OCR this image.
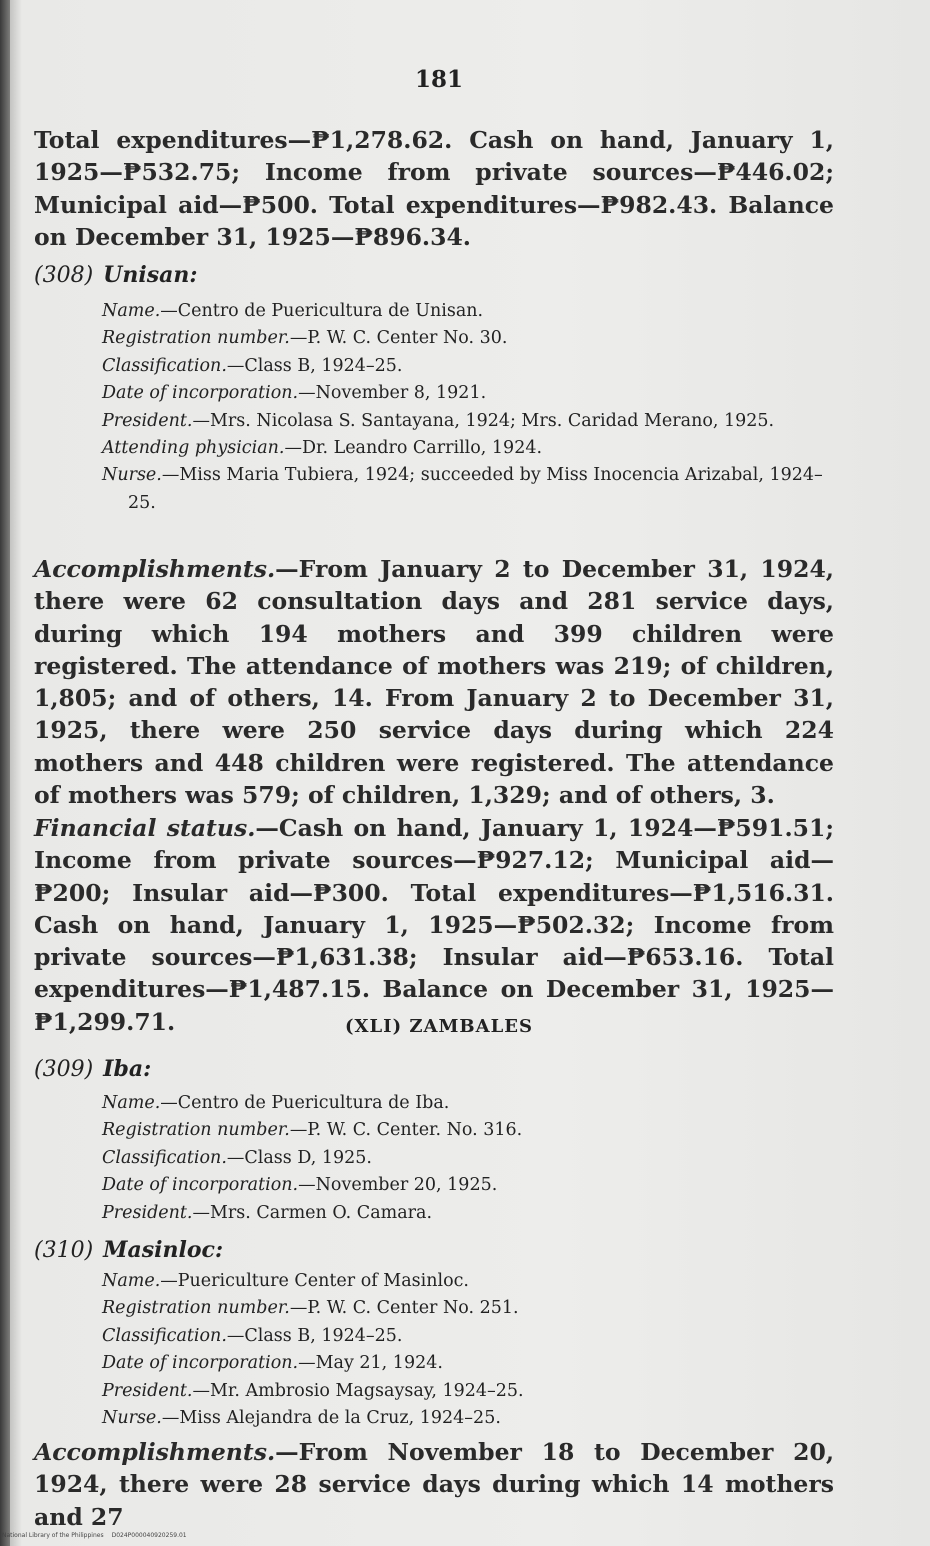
181
Total expenditures—₱1,278.62. Cash on hand, January 1, 1925—₱532.75; Income from private sources—₱446.02; Municipal aid—₱500. Total expenditures—₱982.43. Balance on December 31, 1925—₱896.34.
(308) Unisan:
Name.—Centro de Puericultura de Unisan.
Registration number.—P. W. C. Center No. 30.
Classification.—Class B, 1924–25.
Date of incorporation.—November 8, 1921.
President.—Mrs. Nicolasa S. Santayana, 1924; Mrs. Caridad Merano, 1925.
Attending physician.—Dr. Leandro Carrillo, 1924.
Nurse.—Miss Maria Tubiera, 1924; succeeded by Miss Inocencia Arizabal, 1924–25.
Accomplishments.—From January 2 to December 31, 1924, there were 62 consultation days and 281 service days, during which 194 mothers and 399 children were registered. The attendance of mothers was 219; of children, 1,805; and of others, 14. From January 2 to December 31, 1925, there were 250 service days during which 224 mothers and 448 children were registered. The attendance of mothers was 579; of children, 1,329; and of others, 3.
Financial status.—Cash on hand, January 1, 1924—₱591.51; Income from private sources—₱927.12; Municipal aid—₱200; Insular aid—₱300. Total expenditures—₱1,516.31. Cash on hand, January 1, 1925—₱502.32; Income from private sources—₱1,631.38; Insular aid—₱653.16. Total expenditures—₱1,487.15. Balance on December 31, 1925—₱1,299.71.	(XLI) ZAMBALES
(309) Iba:
Name.—Centro de Puericultura de Iba.
Registration number.—P. W. C. Center. No. 316.
Classification.—Class D, 1925.
Date of incorporation.—November 20, 1925.
President.—Mrs. Carmen O. Camara.
(310) Masinloc:
Name.—Puericulture Center of Masinloc.
Registration number.—P. W. C. Center No. 251.
Classification.—Class B, 1924–25.
Date of incorporation.—May 21, 1924.
President.—Mr. Ambrosio Magsaysay, 1924–25.
Nurse.—Miss Alejandra de la Cruz, 1924–25.
Accomplishments.—From November 18 to December 20, 1924, there were 28 service days during which 14 mothers and 27
National Library of the Philippines D024P000040920259.01
